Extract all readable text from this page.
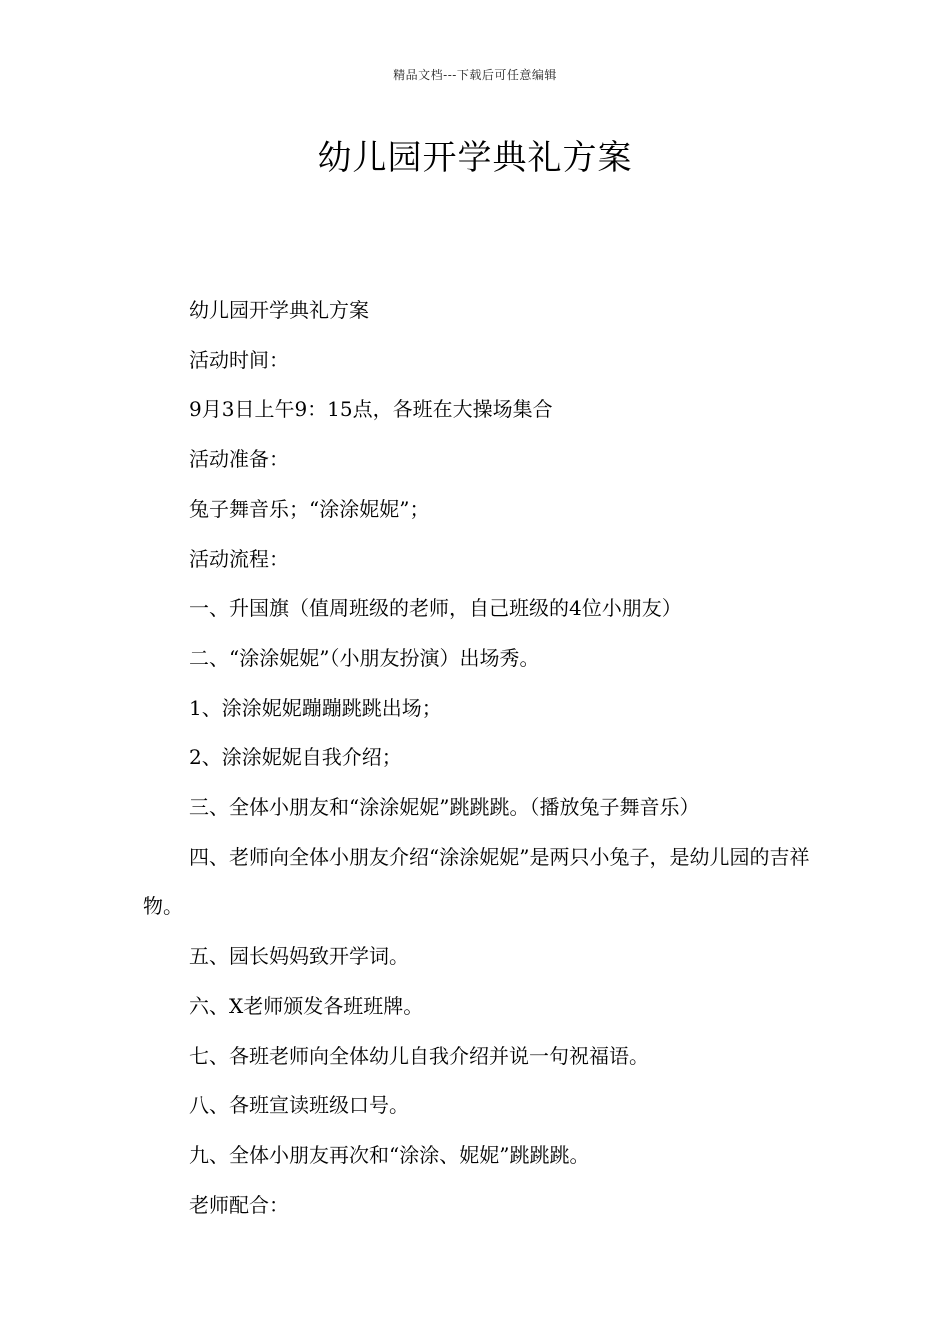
精品文档---下载后可任意编辑
幼儿园开学典礼方案

幼儿园开学典礼方案

活动时间：

9月3日上午9：15点，各班在大操场集合

活动准备：

兔子舞音乐；“涂涂妮妮”；

活动流程：

一、升国旗（值周班级的老师，自己班级的4位小朋友）

二、“涂涂妮妮”（小朋友扮演）出场秀。

1、涂涂妮妮蹦蹦跳跳出场；

2、涂涂妮妮自我介绍；

三、全体小朋友和“涂涂妮妮”跳跳跳。（播放兔子舞音乐）

四、老师向全体小朋友介绍“涂涂妮妮”是两只小兔子，是幼儿园的吉祥物。

五、园长妈妈致开学词。

六、X老师颁发各班班牌。

七、各班老师向全体幼儿自我介绍并说一句祝福语。

八、各班宣读班级口号。

九、全体小朋友再次和“涂涂、妮妮”跳跳跳。

老师配合：
